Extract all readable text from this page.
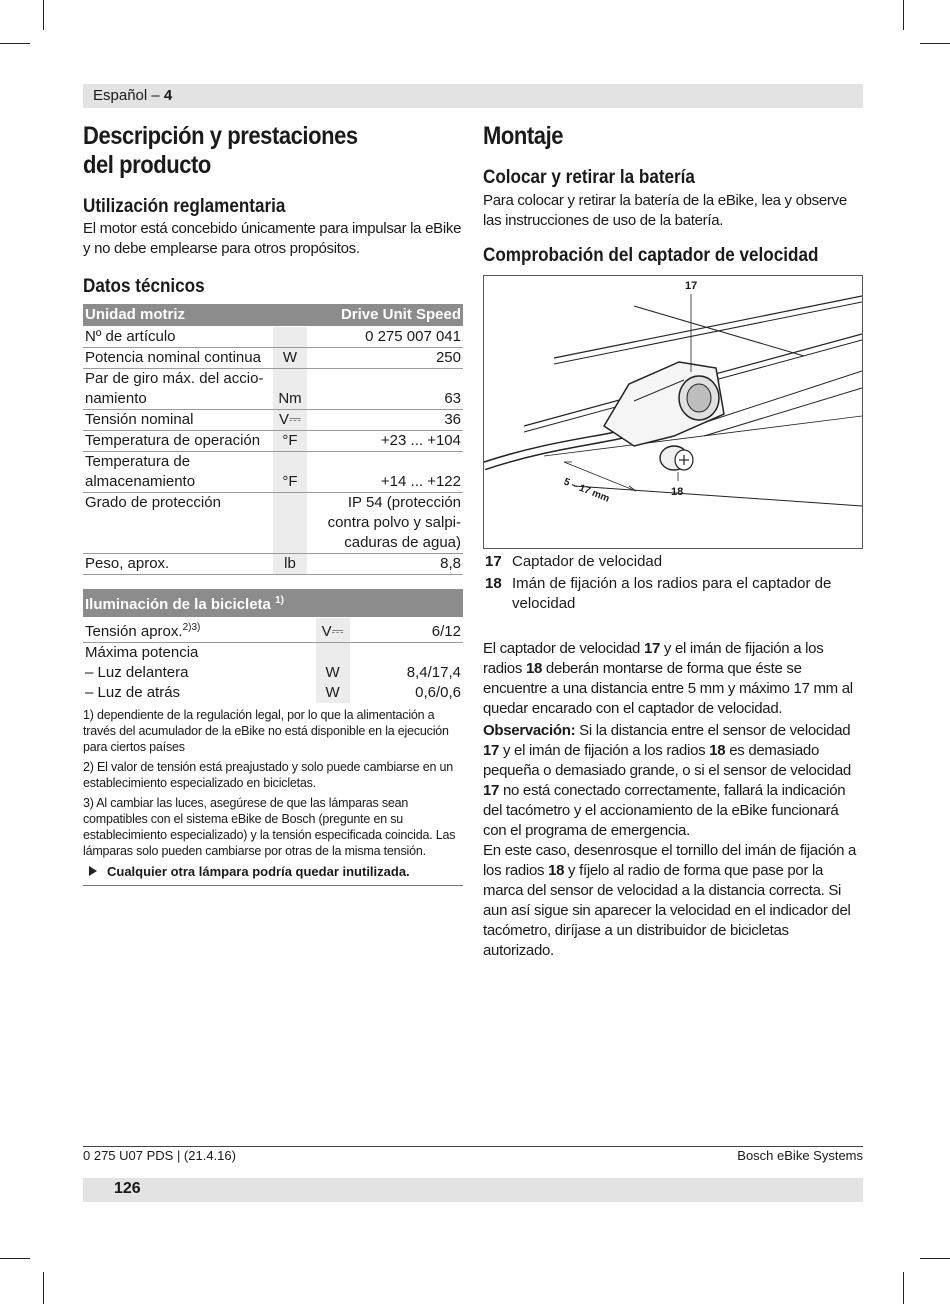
Español – 4
Descripción y prestaciones
del producto
Utilización reglamentaria

El motor está concebido únicamente para impulsar la eBike y no debe emplearse para otros propósitos.

Datos técnicos
Unidad motriz		Drive Unit Speed
Nº de artículo		0 275 007 041
Potencia nominal continua	W	250
Par de giro máx. del accio-namiento	Nm	63
Tensión nominal	V⎓	36
Temperatura de operación	°F	+23 ... +104
Temperatura de almacenamiento	°F	+14 ... +122
Grado de protección		IP 54 (protección
contra polvo y salpi-
caduras de agua)

Peso, aprox.	lb	8,8
Iluminación de la bicicleta $^{1)}$
Tensión aprox.$^{2)3)}$	V⎓	6/12
Máxima potencia		
– Luz delantera	W	8,4/17,4
– Luz de atrás	W	0,6/0,6
1) dependiente de la regulación legal, por lo que la alimentación a través del acumulador de la eBike no está disponible en la ejecución para ciertos países
2) El valor de tensión está preajustado y solo puede cambiarse en un establecimiento especializado en bicicletas.
3) Al cambiar las luces, asegúrese de que las lámparas sean compatibles con el sistema eBike de Bosch (pregunte en su establecimiento especializado) y la tensión especificada coincida. Las lámparas solo pueden cambiarse por otras de la misma tensión.
Cualquier otra lámpara podría quedar inutilizada.
Montaje
Colocar y retirar la batería

Para colocar y retirar la batería de la eBike, lea y observe las instrucciones de uso de la batería.

Comprobación del captador de velocidad
17
18
5 – 17 mm
17 Captador de velocidad
18 Imán de fijación a los radios para el captador de velocidad

El captador de velocidad 17 y el imán de fijación a los radios 18 deberán montarse de forma que éste se encuentre a una distancia entre 5 mm y máximo 17 mm al quedar encarado con el captador de velocidad.

Observación: Si la distancia entre el sensor de velocidad 17 y el imán de fijación a los radios 18 es demasiado pequeña o demasiado grande, o si el sensor de velocidad 17 no está conectado correctamente, fallará la indicación del tacómetro y el accionamiento de la eBike funcionará con el programa de emergencia.

En este caso, desenrosque el tornillo del imán de fijación a los radios 18 y fíjelo al radio de forma que pase por la marca del sensor de velocidad a la distancia correcta. Si aun así sigue sin aparecer la velocidad en el indicador del tacómetro, diríjase a un distribuidor de bicicletas autorizado.

0 275 U07 PDS | (21.4.16)	Bosch eBike Systems
126
